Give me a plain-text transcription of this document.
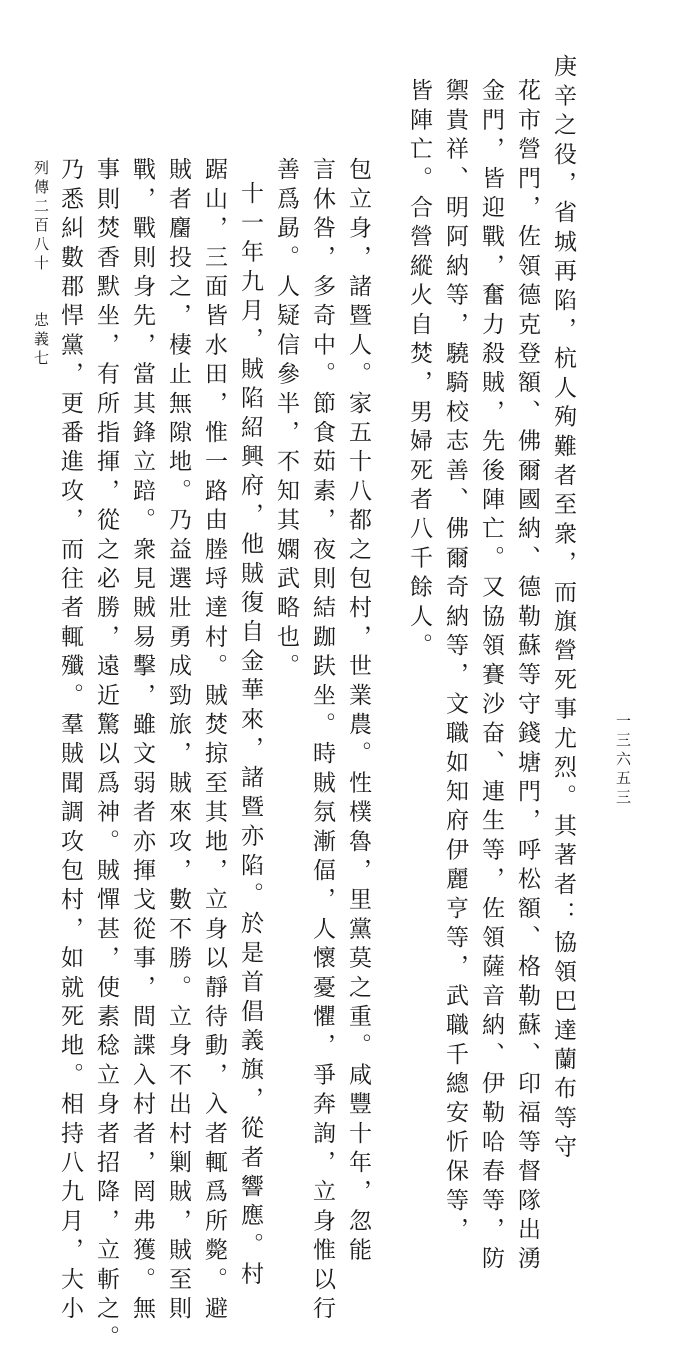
庚辛之役，省城再陷，杭人殉難者至衆，而旗營死事尤烈。其著者：協領巴達蘭布等守
花市營門，佐領德克登額、佛爾國納、德勒蘇等守錢塘門，呼松額、格勒蘇、印福等督隊出湧
金門，皆迎戰，奮力殺賊，先後陣亡。又協領賽沙奋、連生等，佐領薩音納、伊勒哈春等，防
禦貴祥、明阿納等，驍騎校志善、佛爾奇納等，文職如知府伊麗亨等，武職千總安忻保等，
皆陣亡。合營縱火自焚，男婦死者八千餘人。
包立身，諸暨人。家五十八都之包村，世業農。性樸魯，里黨莫之重。咸豐十年，忽能
言休咎，多奇中。節食茹素，夜則結跏趺坐。時賊氛漸偪，人懷憂懼，爭奔詢，立身惟以行
善爲勗。人疑信參半，不知其嫻武略也。
十一年九月，賊陷紹興府，他賊復自金華來，諸暨亦陷。於是首倡義旗，從者響應。村
踞山，三面皆水田，惟一路由塍埒達村。賊焚掠至其地，立身以靜待動，入者輒爲所斃。避
賊者麕投之，棲止無隙地。乃益選壯勇成勁旅，賊來攻，數不勝。立身不出村剿賊，賊至則
戰，戰則身先，當其鋒立踣。衆見賊易擊，雖文弱者亦揮戈從事，間諜入村者，罔弗獲。無
事則焚香默坐，有所指揮，從之必勝，遠近驚以爲神。賊憚甚，使素稔立身者招降，立斬之。
乃悉糾數郡悍黨，更番進攻，而往者輒殲。羣賊聞調攻包村，如就死地。相持八九月，大小
列傳二百八十
忠義七
一三六五三
